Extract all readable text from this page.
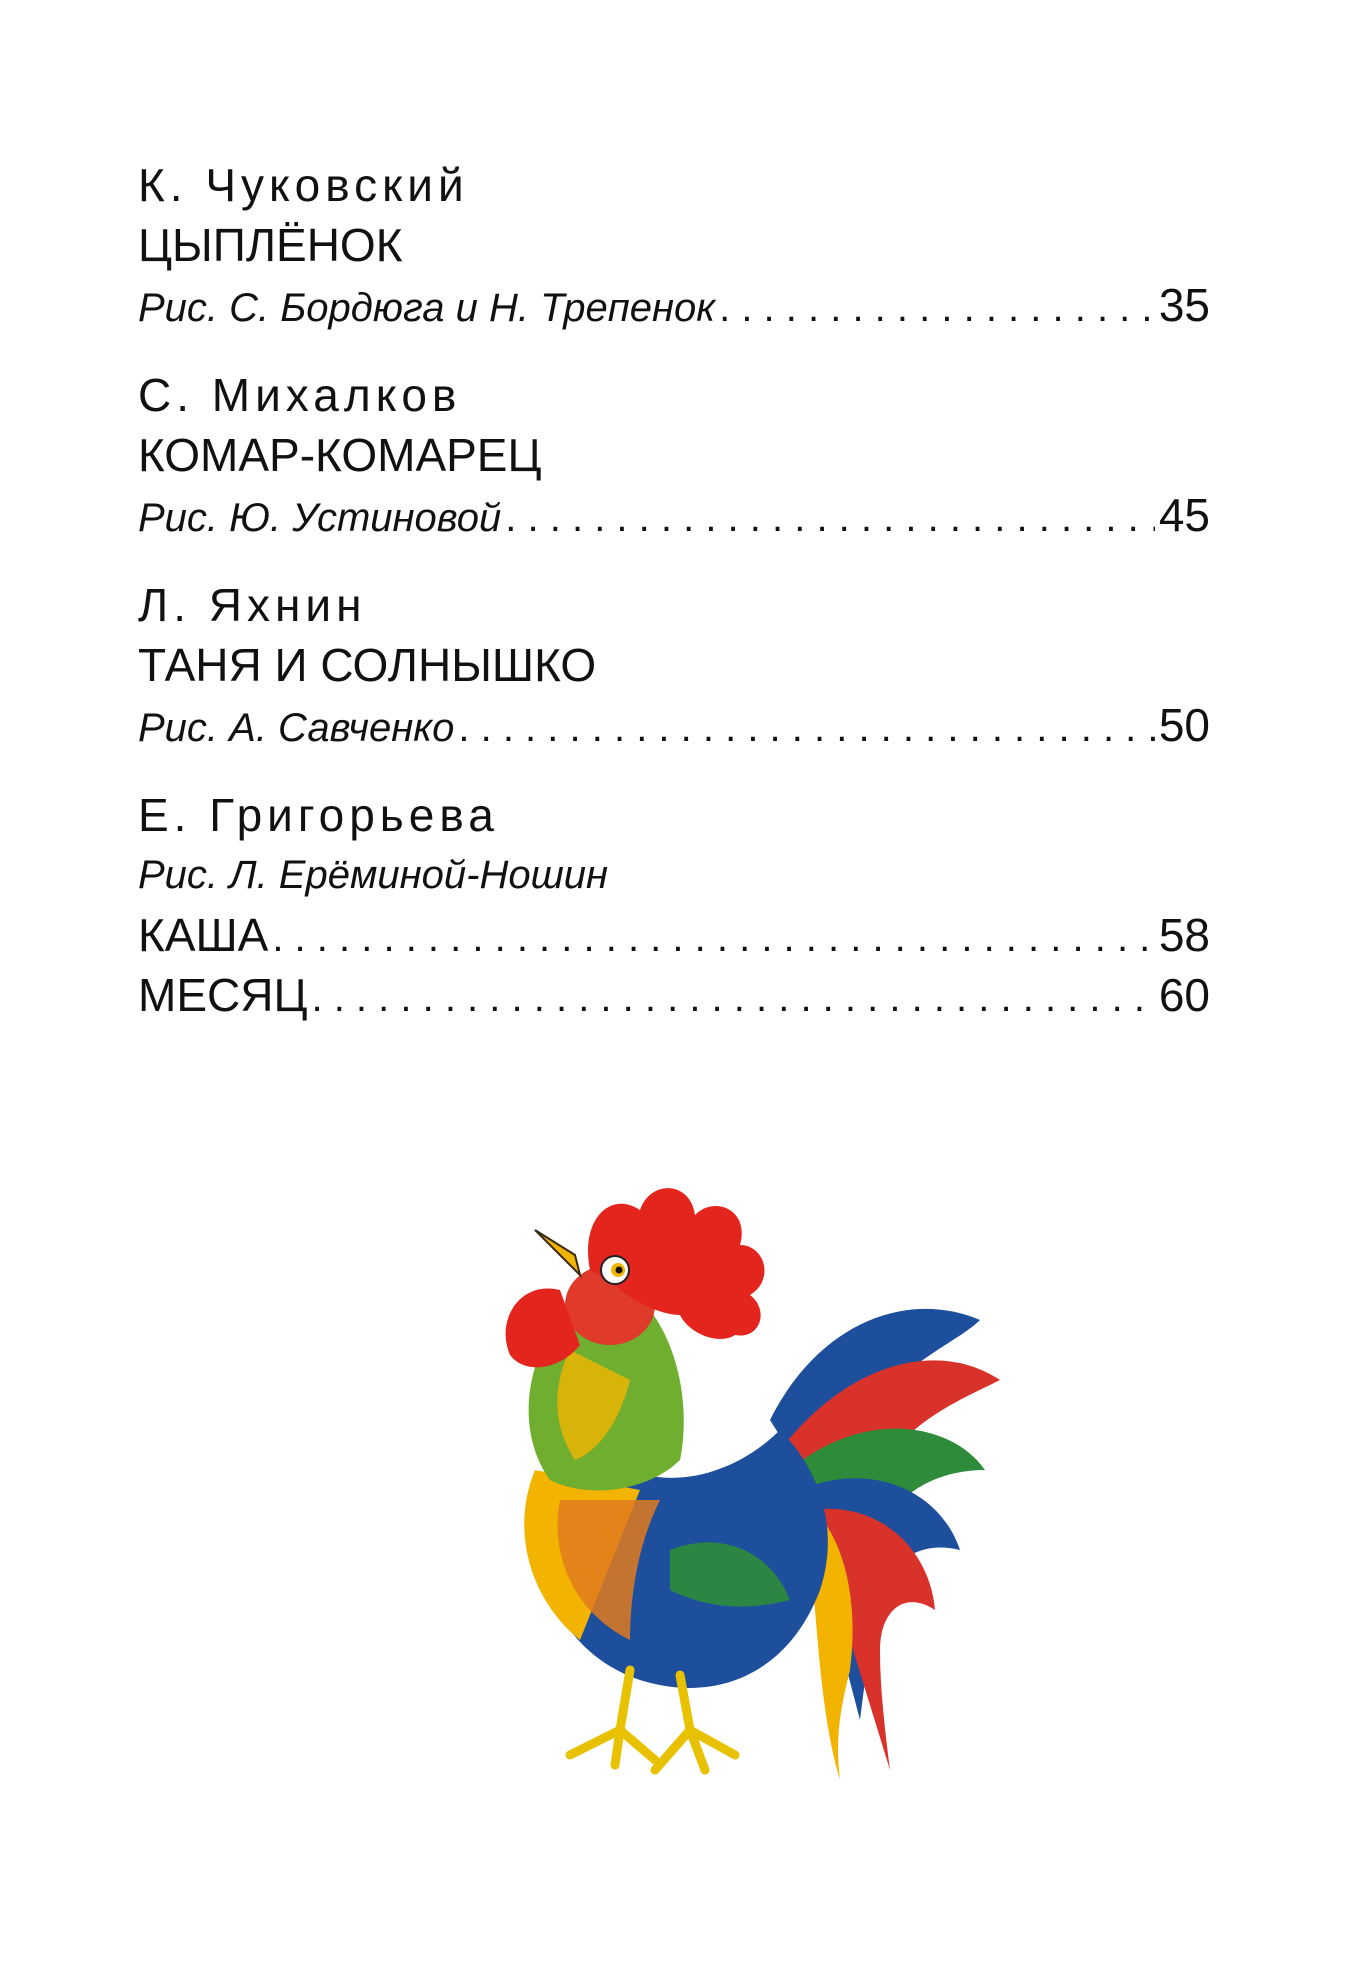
К. Чуковский
ЦЫПЛЁНОК
Рис. С. Бордюга и Н. Трепенок . . .	35
С. Михалков
КОМАР-КОМАРЕЦ
Рис. Ю. Устиновой . . .	45
Л. Яхнин
ТАНЯ И СОЛНЫШКО
Рис. А. Савченко . . .	50
Е. Григорьева
Рис. Л. Ерёминой-Ношин
КАША . . .	58
МЕСЯЦ . . .	60
